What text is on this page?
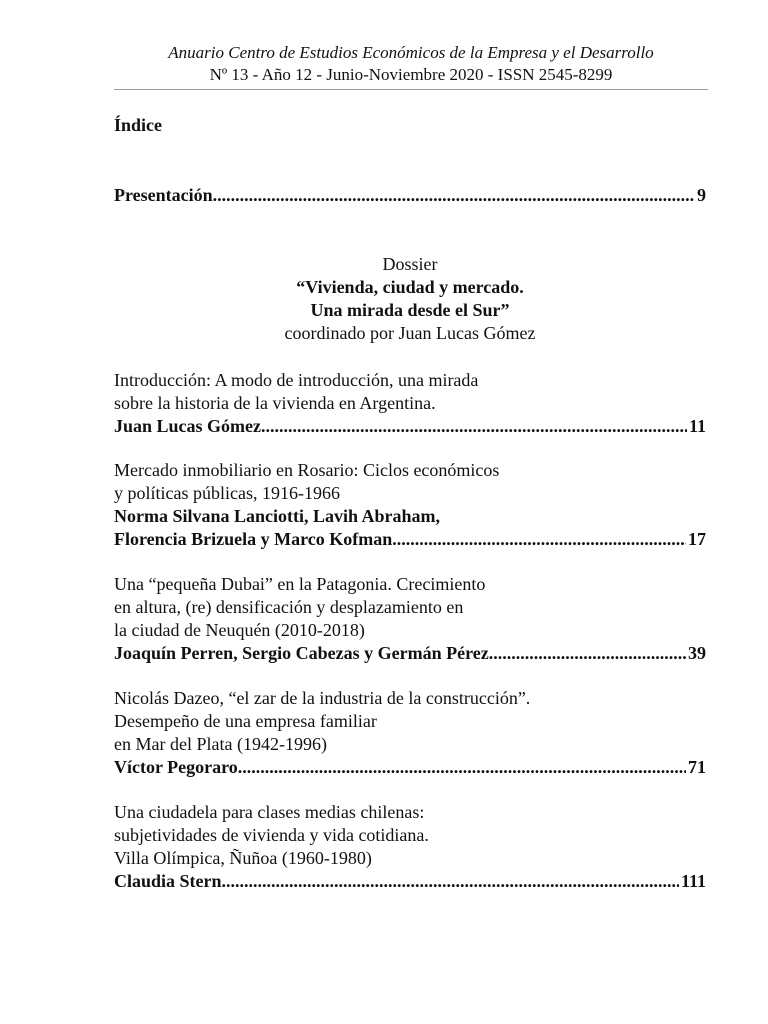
Anuario Centro de Estudios Económicos de la Empresa y el Desarrollo
Nº 13 - Año 12 - Junio-Noviembre 2020 - ISSN 2545-8299
Índice
Presentación .....	9
Dossier
“Vivienda, ciudad y mercado.
Una mirada desde el Sur”
coordinado por Juan Lucas Gómez
Introducción: A modo de introducción, una mirada
sobre la historia de la vivienda en Argentina.
Juan Lucas Gómez .....	11
Mercado inmobiliario en Rosario: Ciclos económicos
y políticas públicas, 1916-1966
Norma Silvana Lanciotti, Lavih Abraham,
Florencia Brizuela y Marco Kofman .....	17
Una “pequeña Dubai” en la Patagonia. Crecimiento
en altura, (re) densificación y desplazamiento en
la ciudad de Neuquén (2010-2018)
Joaquín Perren, Sergio Cabezas y Germán Pérez .....	39
Nicolás Dazeo, “el zar de la industria de la construcción”.
Desempeño de una empresa familiar
en Mar del Plata (1942-1996)
Víctor Pegoraro .....	71
Una ciudadela para clases medias chilenas:
subjetividades de vivienda y vida cotidiana.
Villa Olímpica, Ñuñoa (1960-1980)
Claudia Stern .....	111
